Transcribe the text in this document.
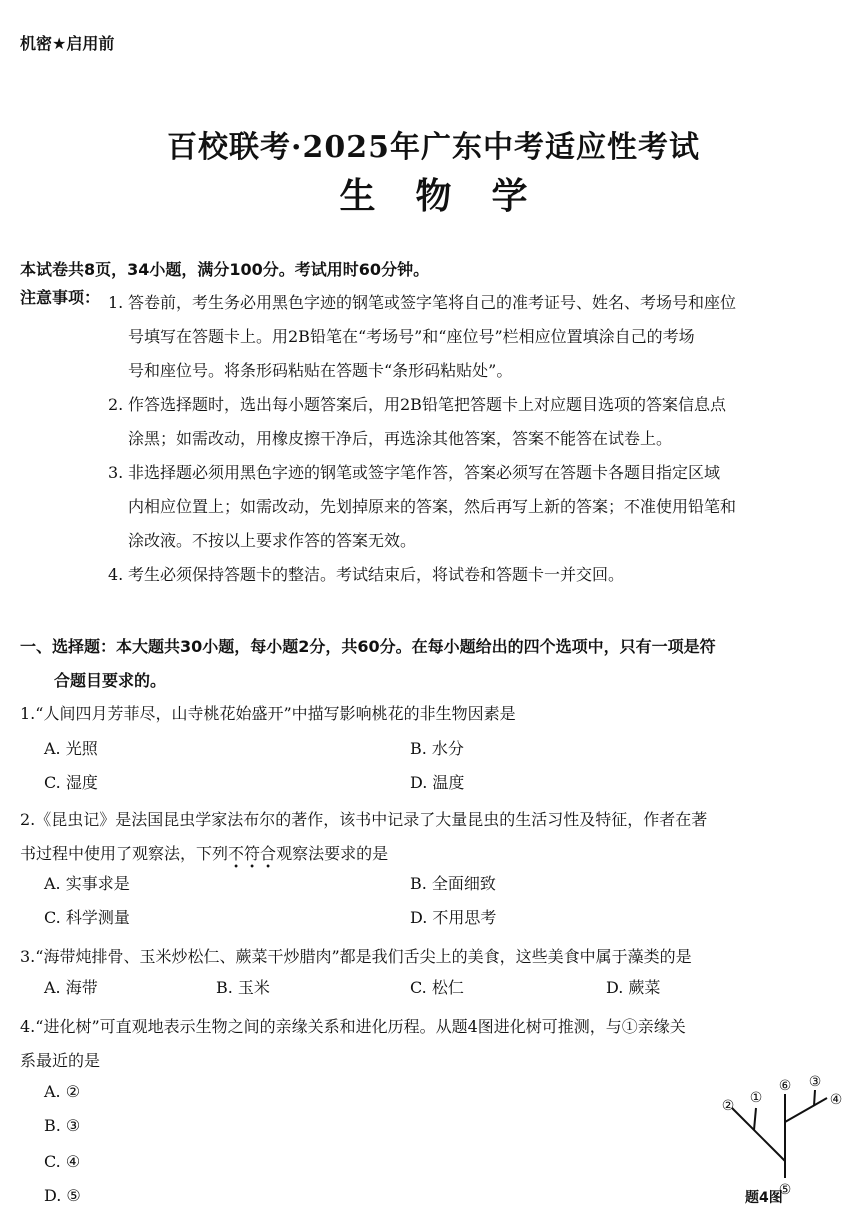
机密★启用前
百校联考·2025年广东中考适应性考试
生物学
本试卷共8页，34小题，满分100分。考试用时60分钟。
注意事项： 1. 答卷前，考生务必用黑色字迹的钢笔或签字笔将自己的准考证号、姓名、考场号和座位
号填写在答题卡上。用2B铅笔在“考场号”和“座位号”栏相应位置填涂自己的考场
号和座位号。将条形码粘贴在答题卡“条形码粘贴处”。
2. 作答选择题时，选出每小题答案后，用2B铅笔把答题卡上对应题目选项的答案信息点
涂黑；如需改动，用橡皮擦干净后，再选涂其他答案，答案不能答在试卷上。
3. 非选择题必须用黑色字迹的钢笔或签字笔作答，答案必须写在答题卡各题目指定区域
内相应位置上；如需改动，先划掉原来的答案，然后再写上新的答案；不准使用铅笔和
涂改液。不按以上要求作答的答案无效。
4. 考生必须保持答题卡的整洁。考试结束后，将试卷和答题卡一并交回。
一、选择题：本大题共30小题，每小题2分，共60分。在每小题给出的四个选项中，只有一项是符
合题目要求的。
1.“人间四月芳菲尽，山寺桃花始盛开”中描写影响桃花的非生物因素是
A. 光照	B. 水分
C. 湿度	D. 温度
2.《昆虫记》是法国昆虫学家法布尔的著作，该书中记录了大量昆虫的生活习性及特征，作者在著
书过程中使用了观察法，下列不符合观察法要求的是
A. 实事求是	B. 全面细致
C. 科学测量	D. 不用思考
3.“海带炖排骨、玉米炒松仁、蕨菜干炒腊肉”都是我们舌尖上的美食，这些美食中属于藻类的是
A. 海带	B. 玉米	C. 松仁	D. 蕨菜
4.“进化树”可直观地表示生物之间的亲缘关系和进化历程。从题4图进化树可推测，与①亲缘关
系最近的是
A. ②
B. ③
C. ④
D. ⑤
② ①
⑥ ③
④
⑤
题4图
